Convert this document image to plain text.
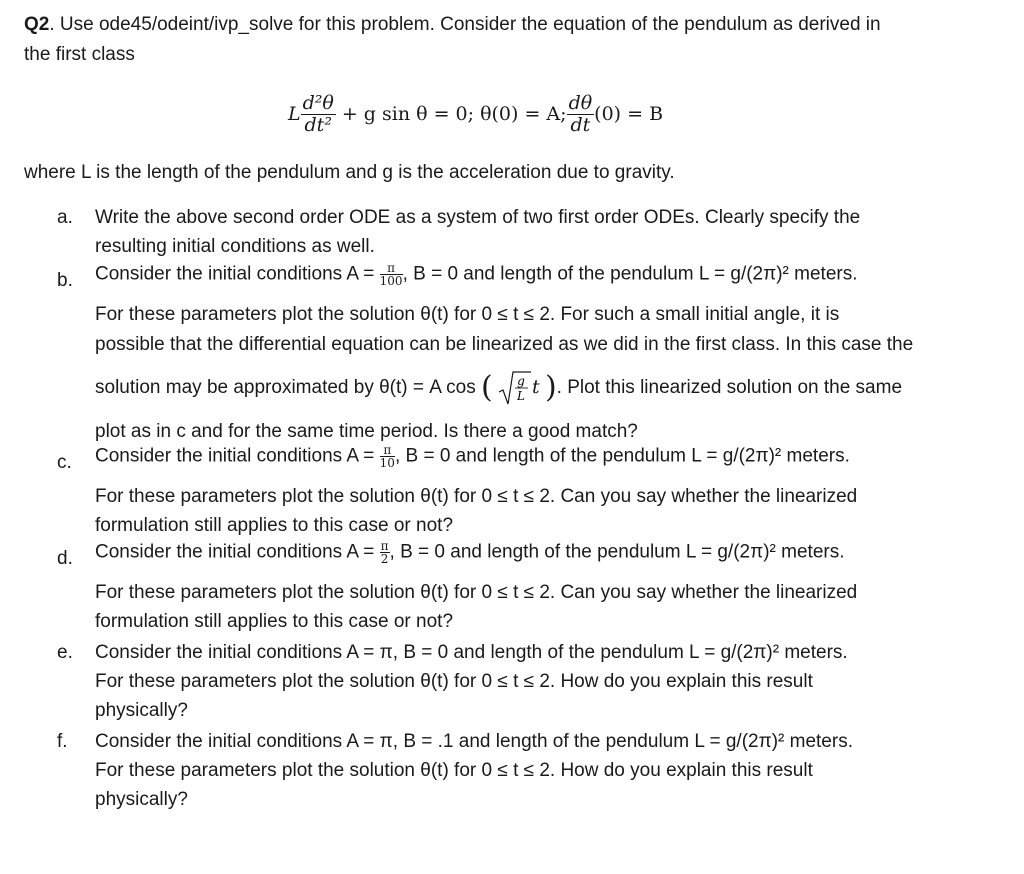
Q2. Use ode45/odeint/ivp_solve for this problem. Consider the equation of the pendulum as derived in
the first class
L $\frac{\text{d²θ}}{\text{dt²}} + g$ sin θ = 0; θ(0) = A; $\frac{d\theta}{dt} (0) = B$
where L is the length of the pendulum and g is the acceleration due to gravity.
a. Write the above second order ODE as a system of two first order ODEs. Clearly specify the
resulting initial conditions as well.
b. Consider the initial conditions $A = \frac{\pi}{100}$ , B = 0 and length of the pendulum L = g/(2π)² meters.
For these parameters plot the solution θ(t) for 0 ≤ t ≤ 2. For such a small initial angle, it is
possible that the differential equation can be linearized as we did in the first class. In this case the
solution may be approximated by θ(t) = A cos ( g
L t ). Plot this linearized solution on the same
plot as in c and for the same time period. Is there a good match?
c. Consider the initial conditions $A = \frac{\pi}{10}$ , B = 0 and length of the pendulum L = g/(2π)² meters.
For these parameters plot the solution θ(t) for 0 ≤ t ≤ 2. Can you say whether the linearized
formulation still applies to this case or not?
d. Consider the initial conditions $A = \frac{\pi}{2}$ , B = 0 and length of the pendulum L = g/(2π)² meters.
For these parameters plot the solution θ(t) for 0 ≤ t ≤ 2. Can you say whether the linearized
formulation still applies to this case or not?
e. Consider the initial conditions A = π, B = 0 and length of the pendulum L = g/(2π)² meters.
For these parameters plot the solution θ(t) for 0 ≤ t ≤ 2. How do you explain this result
physically?
f. Consider the initial conditions A = π, B = .1 and length of the pendulum L = g/(2π)² meters.
For these parameters plot the solution θ(t) for 0 ≤ t ≤ 2. How do you explain this result
physically?
